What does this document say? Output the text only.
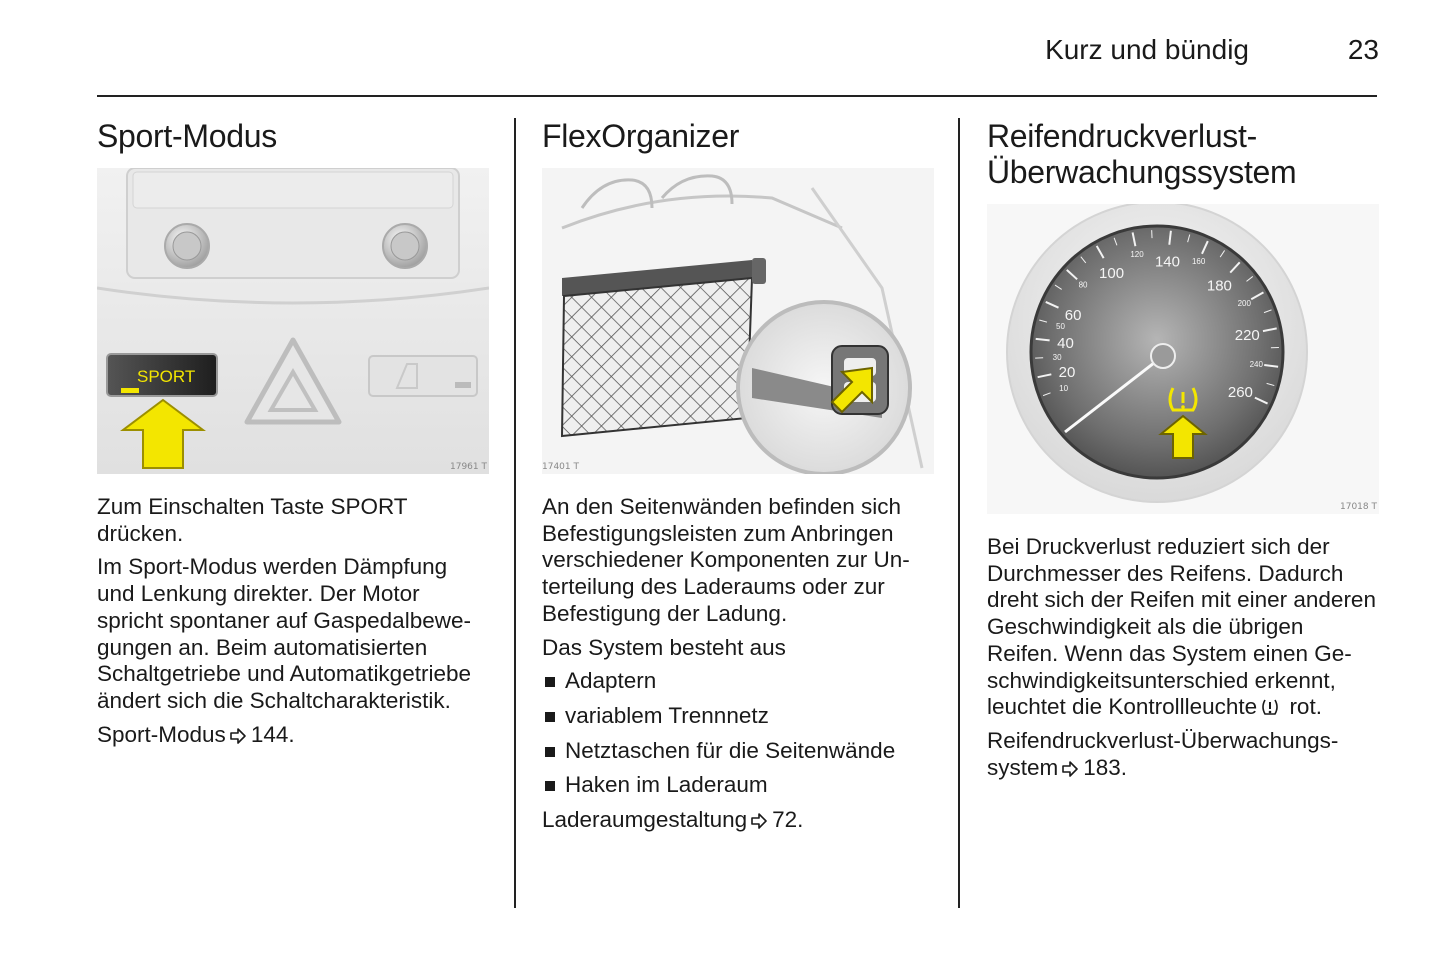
Kurz und bündig	23
Sport-Modus
SPORT
17961 T

Zum Einschalten Taste SPORT drücken.

Im Sport-Modus werden Dämpfung und Lenkung direkter. Der Motor spricht spontaner auf Gaspedalbewegungen an. Beim automatisierten Schaltgetriebe und Automatikgetriebe ändert sich die Schaltcharakteristik.

Sport-Modus 144.

FlexOrganizer
17401 T

An den Seitenwänden befinden sich Befestigungsleisten zum Anbringen verschiedener Komponenten zur Unterteilung des Laderaums oder zur Befestigung der Ladung.

Das System besteht aus

Adaptern
variablem Trennnetz
Netztaschen für die Seitenwände
Haken im Laderaum

Laderaumgestaltung 72.

Reifendruckverlust-Überwachungssystem
20
40
60
100
140
180
220
260
10
30
50
80
120
160
200
240
17018 T

Bei Druckverlust reduziert sich der Durchmesser des Reifens. Dadurch dreht sich der Reifen mit einer anderen Geschwindigkeit als die übrigen Reifen. Wenn das System einen Geschwindigkeitsunterschied erkennt, leuchtet die Kontrollleuchte rot.

Reifendruckverlust-Überwachungssystem 183.
